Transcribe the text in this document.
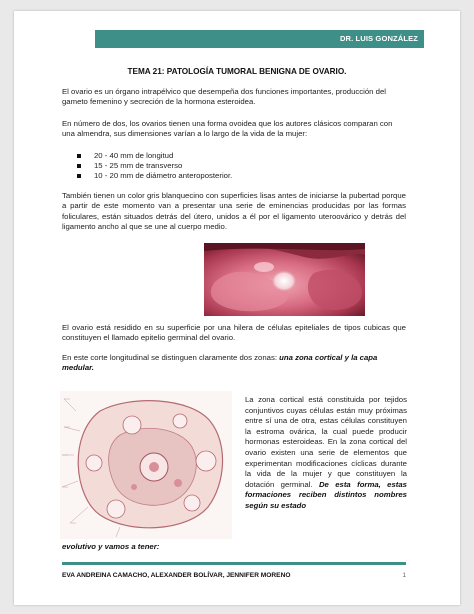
DR. LUIS GONZÁLEZ
TEMA 21: PATOLOGÍA TUMORAL BENIGNA DE OVARIO.

El ovario es un órgano intrapélvico que desempeña dos funciones importantes, producción del gameto femenino y secreción de la hormona esteroidea.

En número de dos, los ovarios tienen una forma ovoidea que los autores clásicos comparan con una almendra, sus dimensiones varían a lo largo de la vida de la mujer:

20 - 40 mm de longitud
15 - 25 mm de transverso
10 - 20 mm de diámetro anteroposterior.

También tienen un color gris blanquecino con superficies lisas antes de iniciarse la pubertad porque a partir de este momento van a presentar una serie de eminencias producidas por las formas foliculares, están situados detrás del útero, unidos a él por el ligamento uteroovárico y detrás del ligamento ancho al que se une al cuerpo medio.

El ovario está residido en su superficie por una hilera de células epiteliales de tipos cubicas que constituyen el llamado epitelio germinal del ovario.

En este corte longitudinal se distinguen claramente dos zonas: una zona cortical y la capa medular.

La zona cortical está constituida por tejidos conjuntivos cuyas células están muy próximas entre sí una de otra, estas células constituyen la estroma ovárica, la cual puede producir hormonas esteroideas. En la zona cortical del ovario existen una serie de elementos que experimentan modificaciones cíclicas durante la vida de la mujer y que constituyen la dotación germinal. De esta forma, estas formaciones reciben distintos nombres según su estado

evolutivo y vamos a tener:

EVA ANDREINA CAMACHO, ALEXANDER BOLÍVAR, JENNIFER MORENO	1
